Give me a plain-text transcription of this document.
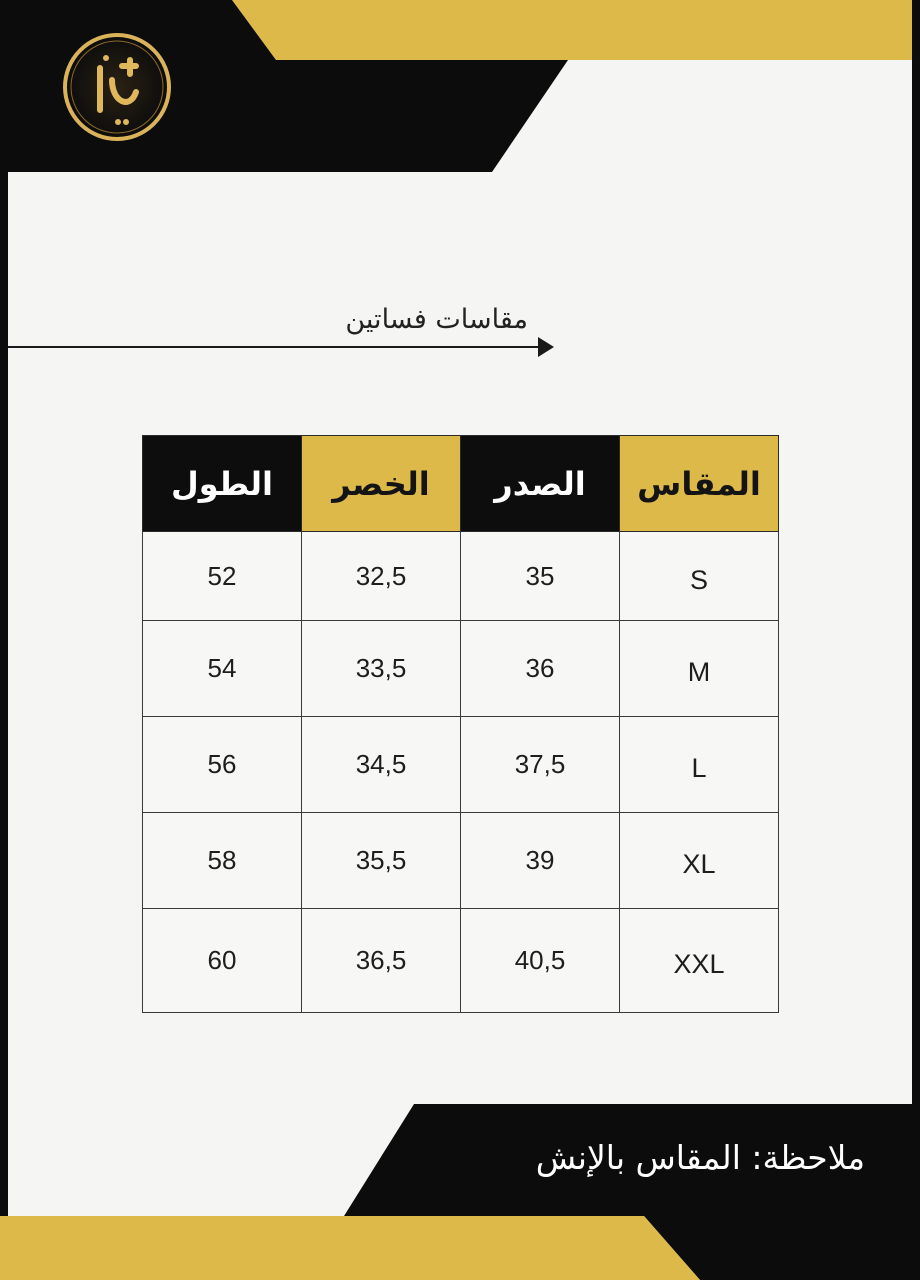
مقاسات فساتين
المقاس	الصدر	الخصر	الطول
S	35	32,5	52
M	36	33,5	54
L	37,5	34,5	56
XL	39	35,5	58
XXL	40,5	36,5	60
ملاحظة: المقاس بالإنش
